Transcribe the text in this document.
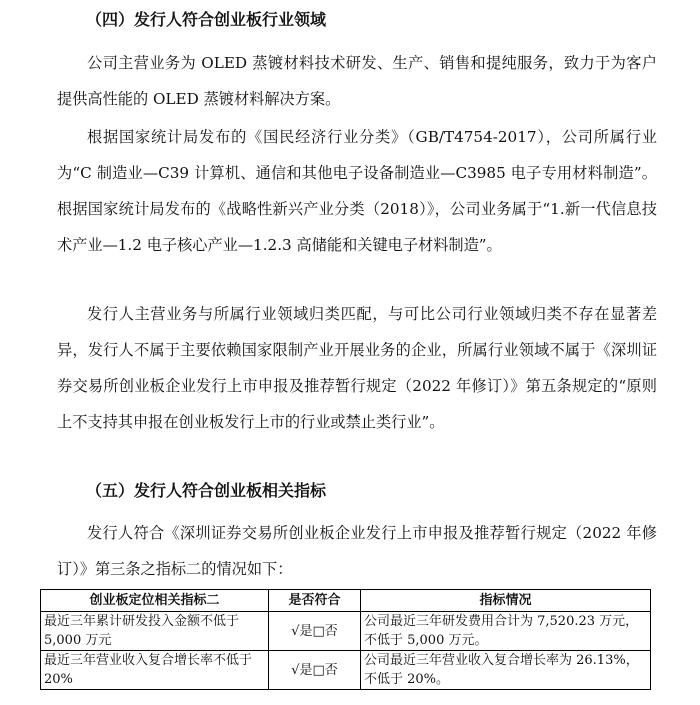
（四）发行人符合创业板行业领域

公司主营业务为 OLED 蒸镀材料技术研发、生产、销售和提纯服务，致力于为客户提供高性能的 OLED 蒸镀材料解决方案。

根据国家统计局发布的《国民经济行业分类》（GB/T4754-2017），公司所属行业为“C 制造业—C39 计算机、通信和其他电子设备制造业—C3985 电子专用材料制造”。根据国家统计局发布的《战略性新兴产业分类（2018）》，公司业务属于“1.新一代信息技术产业—1.2 电子核心产业—1.2.3 高储能和关键电子材料制造”。

发行人主营业务与所属行业领域归类匹配，与可比公司行业领域归类不存在显著差异，发行人不属于主要依赖国家限制产业开展业务的企业，所属行业领域不属于《深圳证券交易所创业板企业发行上市申报及推荐暂行规定（2022 年修订）》第五条规定的“原则上不支持其申报在创业板发行上市的行业或禁止类行业”。

（五）发行人符合创业板相关指标

发行人符合《深圳证券交易所创业板企业发行上市申报及推荐暂行规定（2022 年修订）》第三条之指标二的情况如下：

创业板定位相关指标二	是否符合	指标情况
最近三年累计研发投入金额不低于 5,000 万元	√是□否	公司最近三年研发费用合计为 7,520.23 万元，不低于 5,000 万元。
最近三年营业收入复合增长率不低于 20%	√是□否	公司最近三年营业收入复合增长率为 26.13%，不低于 20%。
